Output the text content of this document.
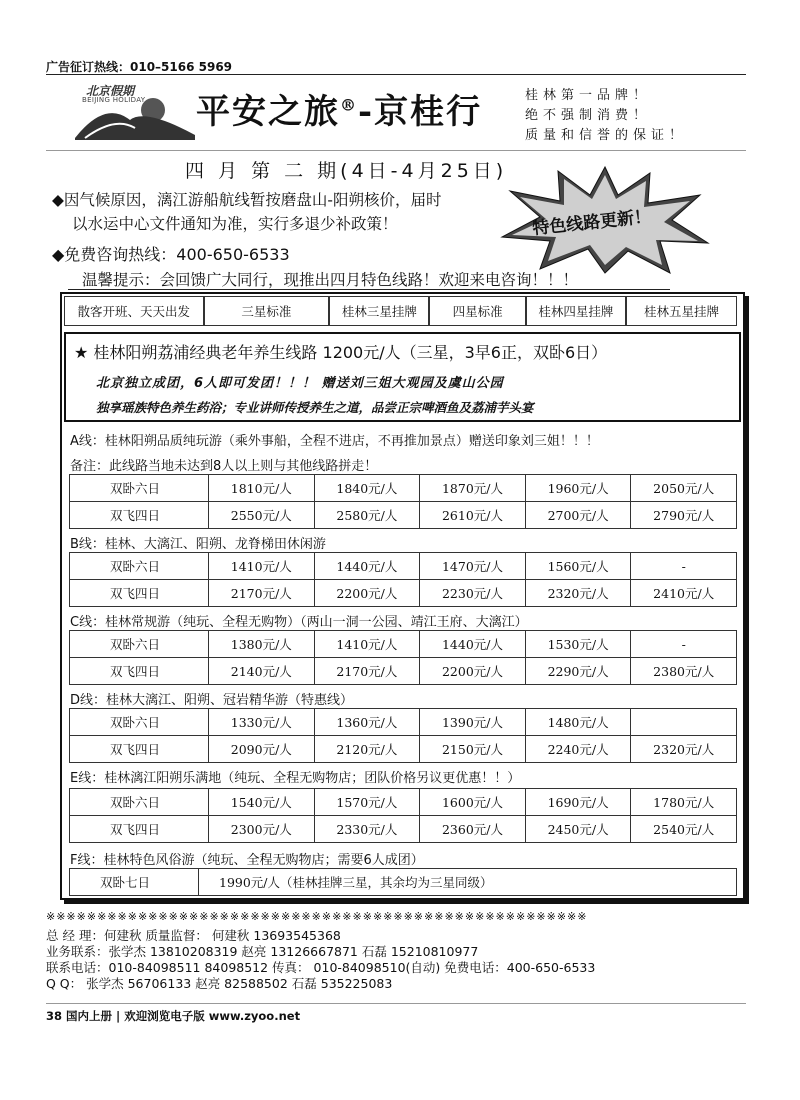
广告征订热线：010–5166 5969
北京假期
BEIJING HOLIDAY 平安之旅®-京桂行	桂林第一品牌！
绝不强制消费！
质量和信誉的保证！
四 月 第 二 期(4日-4月25日)
◆因气候原因，漓江游船航线暂按磨盘山-阳朔核价，届时
以水运中心文件通知为准，实行多退少补政策！
◆免费咨询热线：400-650-6533
温馨提示：会回馈广大同行，现推出四月特色线路！欢迎来电咨询！！！
特色线路更新！
散客开班、天天出发	三星标准	桂林三星挂牌	四星标准	桂林四星挂牌	桂林五星挂牌
★ 桂林阳朔荔浦经典老年养生线路 1200元/人（三星，3早6正，双卧6日）
北京独立成团，6人即可发团！！！ 赠送刘三姐大观园及虞山公园
独享瑶族特色养生药浴；专业讲师传授养生之道，品尝正宗啤酒鱼及荔浦芋头宴
A线：桂林阳朔品质纯玩游（乘外事船，全程不进店，不再推加景点）赠送印象刘三姐！！！
备注：此线路当地未达到8人以上则与其他线路拼走！
双卧六日	1810元/人	1840元/人	1870元/人	1960元/人	2050元/人
双飞四日	2550元/人	2580元/人	2610元/人	2700元/人	2790元/人
B线：桂林、大漓江、阳朔、龙脊梯田休闲游
双卧六日	1410元/人	1440元/人	1470元/人	1560元/人	-
双飞四日	2170元/人	2200元/人	2230元/人	2320元/人	2410元/人
C线：桂林常规游（纯玩、全程无购物）（两山一洞一公园、靖江王府、大漓江）
双卧六日	1380元/人	1410元/人	1440元/人	1530元/人	-
双飞四日	2140元/人	2170元/人	2200元/人	2290元/人	2380元/人
D线：桂林大漓江、阳朔、冠岩精华游（特惠线）
双卧六日	1330元/人	1360元/人	1390元/人	1480元/人	
双飞四日	2090元/人	2120元/人	2150元/人	2240元/人	2320元/人
E线：桂林漓江阳朔乐满地（纯玩、全程无购物店；团队价格另议更优惠！！）
双卧六日	1540元/人	1570元/人	1600元/人	1690元/人	1780元/人
双飞四日	2300元/人	2330元/人	2360元/人	2450元/人	2540元/人
F线：桂林特色风俗游（纯玩、全程无购物店；需要6人成团）
双卧七日	1990元/人（桂林挂牌三星，其余均为三星同级）
※※※※※※※※※※※※※※※※※※※※※※※※※※※※※※※※※※※※※※※※※※※※※※※※※※※※※
总 经 理：何建秋 质量监督： 何建秋 13693545368
业务联系：张学杰 13810208319 赵亮 13126667871 石磊 15210810977
联系电话：010-84098511 84098512 传真： 010-84098510(自动) 免费电话：400-650-6533
Q Q： 张学杰 56706133 赵亮 82588502 石磊 535225083
38 国内上册 | 欢迎浏览电子版 www.zyoo.net
